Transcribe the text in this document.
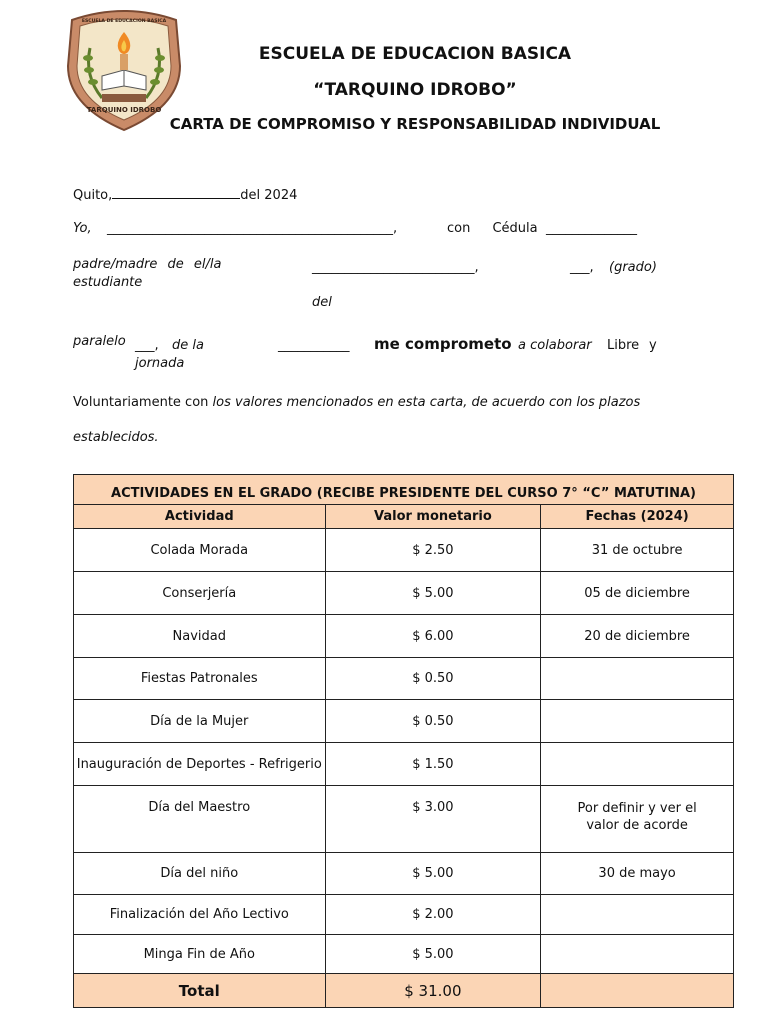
ESCUELA DE EDUCACION BASICA
TARQUINO IDROBO
ESCUELA DE EDUCACION BASICA
“TARQUINO IDROBO”
CARTA DE COMPROMISO Y RESPONSABILIDAD INDIVIDUAL
Quito,	del 2024
Yo, ____________________________________________,	con Cédula ______________
padre/madre de el/la
estudiante
_________________________,	___, (grado)
del
paralelo ___, de la
jornada
___________ me comprometo a colaborar Libre y
Voluntariamente con los valores mencionados en esta carta, de acuerdo con los plazos
establecidos.
ACTIVIDADES EN EL GRADO (RECIBE PRESIDENTE DEL CURSO 7° “C” MATUTINA)		
Actividad	Valor monetario	Fechas (2024)
Colada Morada	$ 2.50	31 de octubre
Conserjería	$ 5.00	05 de diciembre
Navidad	$ 6.00	20 de diciembre
Fiestas Patronales	$ 0.50	
Día de la Mujer	$ 0.50	
Inauguración de Deportes - Refrigerio	$ 1.50	
Día del Maestro	$ 3.00	Por definir y ver el valor de acorde
Día del niño	$ 5.00	30 de mayo
Finalización del Año Lectivo	$ 2.00	
Minga Fin de Año	$ 5.00	
Total	$ 31.00	
